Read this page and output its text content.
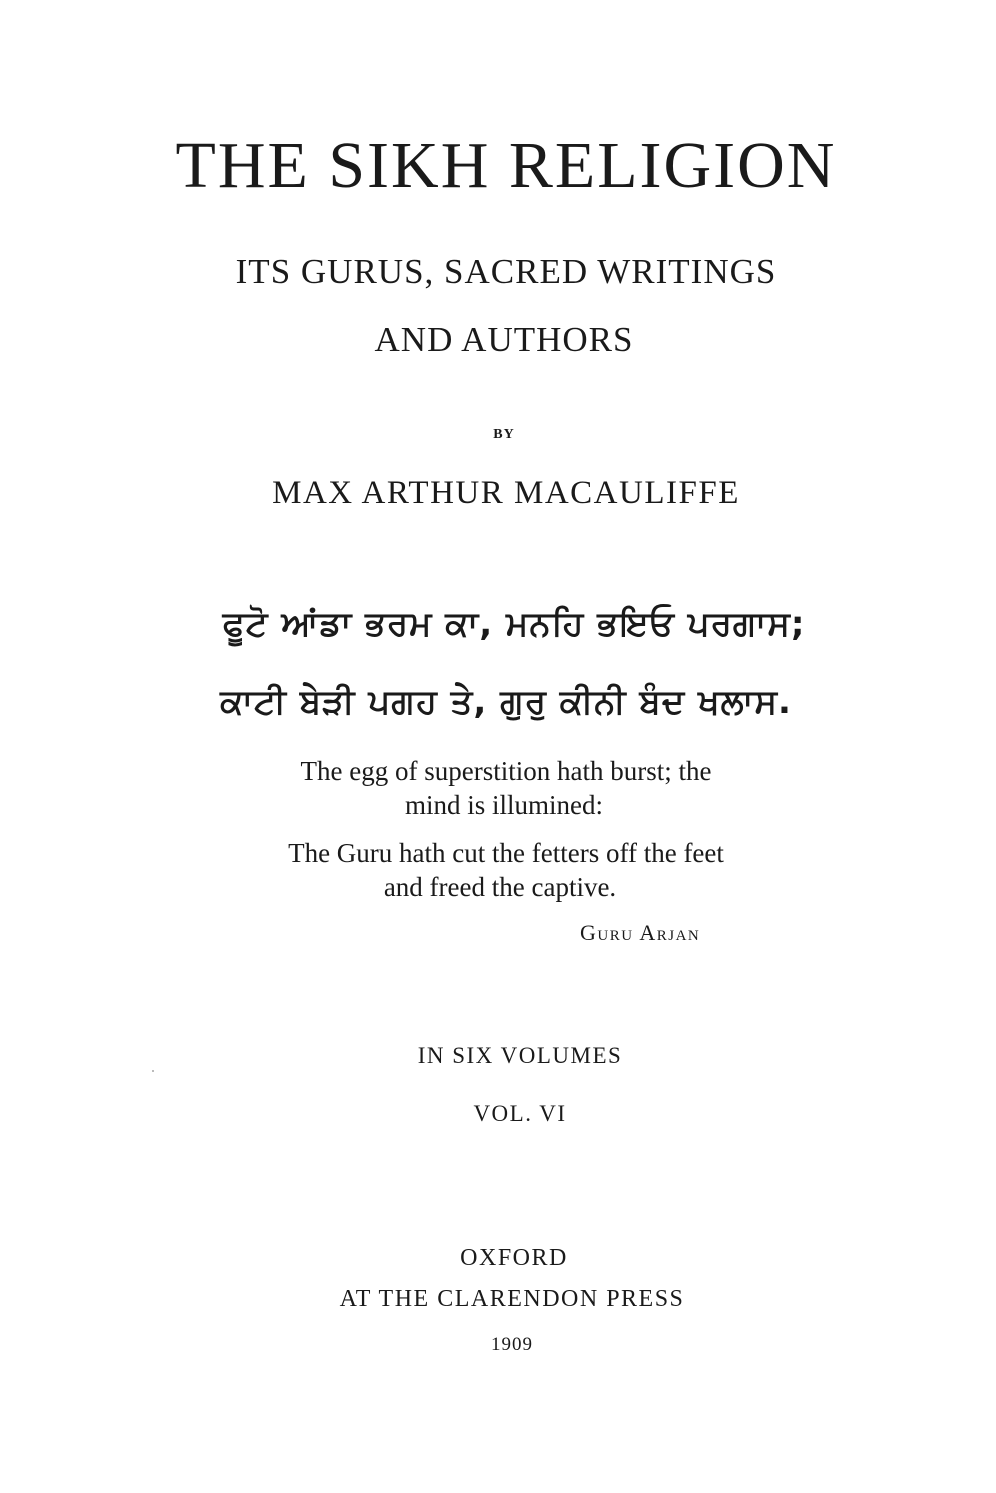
THE SIKH RELIGION
ITS GURUS, SACRED WRITINGS
AND AUTHORS
BY
MAX ARTHUR MACAULIFFE
ਫੂਟੋ ਆਂਡਾ ਭਰਮ ਕਾ, ਮਨਹਿ ਭਇਓ ਪਰਗਾਸ;
ਕਾਟੀ ਬੇੜੀ ਪਗਹ ਤੇ, ਗੁਰੁ ਕੀਨੀ ਬੰਦ ਖਲਾਸ.
The egg of superstition hath burst; the
mind is illumined:
The Guru hath cut the fetters off the feet
and freed the captive.
Guru Arjan
IN SIX VOLUMES
VOL. VI
OXFORD
AT THE CLARENDON PRESS
1909
